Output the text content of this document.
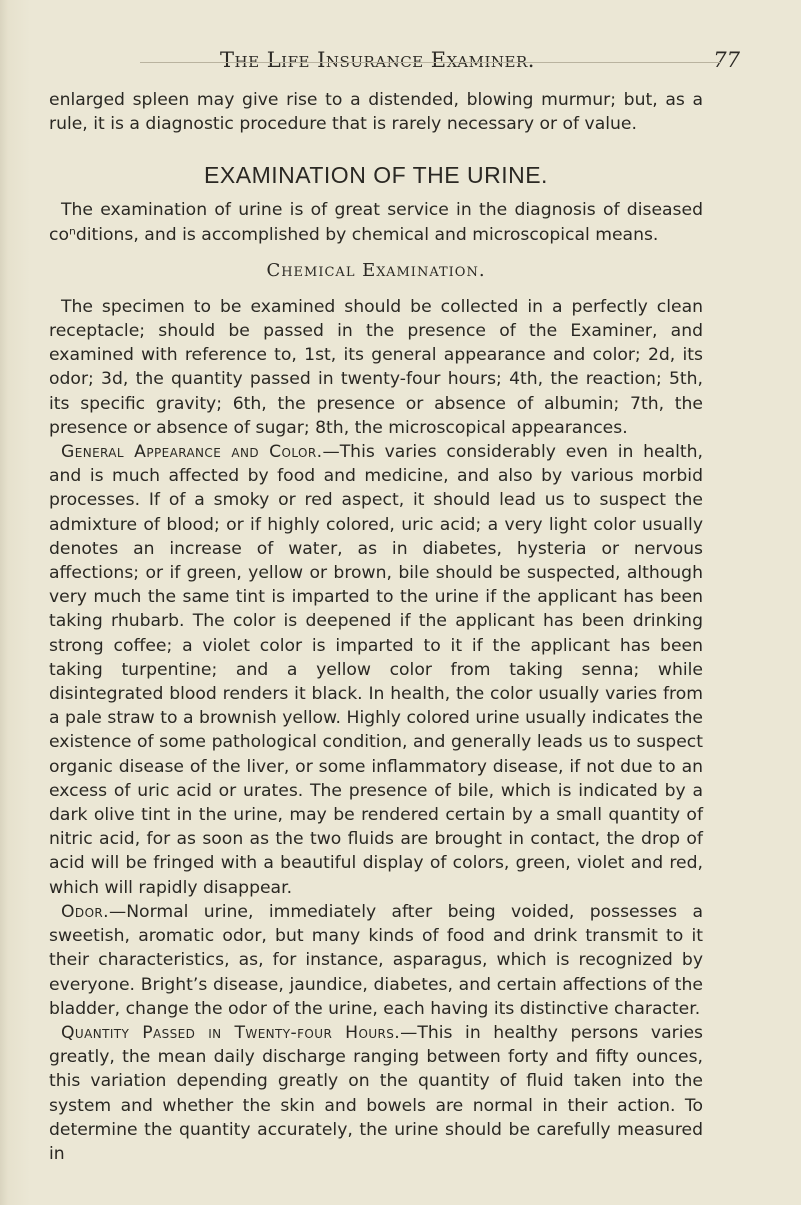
The Life Insurance Examiner.	77

enlarged spleen may give rise to a distended, blowing murmur; but, as a rule, it is a diagnostic procedure that is rarely necessary or of value.

EXAMINATION OF THE URINE.

The examination of urine is of great service in the diagnosis of diseased coⁿditions, and is accomplished by chemical and microscopical means.

Chemical Examination.

The specimen to be examined should be collected in a perfectly clean receptacle; should be passed in the presence of the Examiner, and examined with reference to, 1st, its general appearance and color; 2d, its odor; 3d, the quantity passed in twenty-four hours; 4th, the reaction; 5th, its specific gravity; 6th, the presence or absence of albumin; 7th, the presence or absence of sugar; 8th, the microscopical appearances.

General Appearance and Color.—This varies considerably even in health, and is much affected by food and medicine, and also by various morbid processes. If of a smoky or red aspect, it should lead us to suspect the admixture of blood; or if highly colored, uric acid; a very light color usually denotes an increase of water, as in diabetes, hysteria or nervous affections; or if green, yellow or brown, bile should be suspected, although very much the same tint is imparted to the urine if the applicant has been taking rhubarb. The color is deepened if the applicant has been drinking strong coffee; a violet color is imparted to it if the applicant has been taking turpentine; and a yellow color from taking senna; while disintegrated blood renders it black. In health, the color usually varies from a pale straw to a brownish yellow. Highly colored urine usually indicates the existence of some pathological condition, and generally leads us to suspect organic disease of the liver, or some inflammatory disease, if not due to an excess of uric acid or urates. The presence of bile, which is indicated by a dark olive tint in the urine, may be rendered certain by a small quantity of nitric acid, for as soon as the two fluids are brought in contact, the drop of acid will be fringed with a beautiful display of colors, green, violet and red, which will rapidly disappear.

Odor.—Normal urine, immediately after being voided, possesses a sweetish, aromatic odor, but many kinds of food and drink transmit to it their characteristics, as, for instance, asparagus, which is recognized by everyone. Bright’s disease, jaundice, diabetes, and certain affections of the bladder, change the odor of the urine, each having its distinctive character.

Quantity Passed in Twenty-four Hours.—This in healthy persons varies greatly, the mean daily discharge ranging between forty and fifty ounces, this variation depending greatly on the quantity of fluid taken into the system and whether the skin and bowels are normal in their action. To determine the quantity accurately, the urine should be carefully measured in
